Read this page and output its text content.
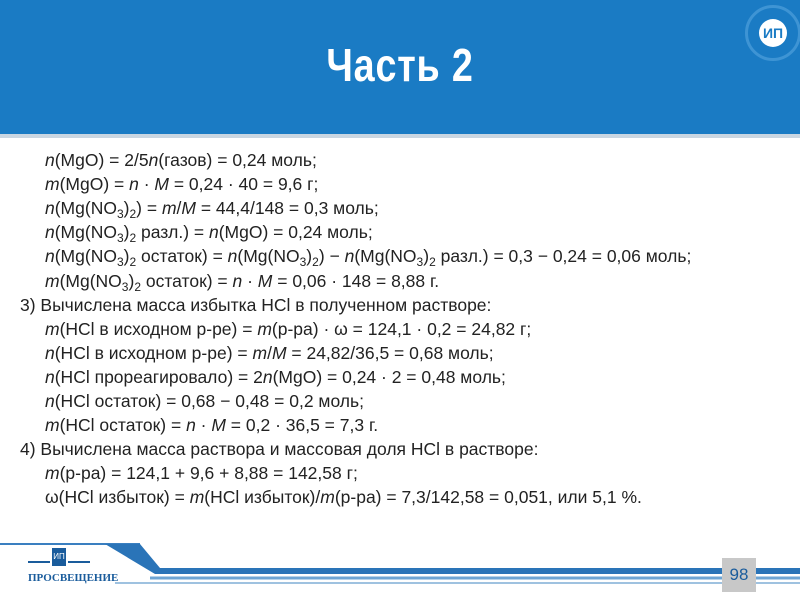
Часть 2
ИП
n(MgO) = 2/5n(газов) = 0,24 моль;
m(MgO) = n · M = 0,24 · 40 = 9,6 г;
$n(Mg(NO_3)_2) = m/M = 44,4/148 = 0,3$ моль;
$n(Mg(NO_3)_2$ разл.) = n(MgO) = 0,24 моль;
$n(Mg(NO_3)_2$ остаток) = $n(Mg(NO_3)_2) - n(Mg(NO_3)_2$ разл.) = 0,3 − 0,24 = 0,06 моль;
$m(Mg(NO_3)_2$ остаток) = n · M = 0,06 · 148 = 8,88 г.
3) Вычислена масса избытка HCl в полученном растворе:
m(HCl в исходном р-ре) = m(р-ра) · ω = 124,1 · 0,2 = 24,82 г;
n(HCl в исходном р-ре) = m/M = 24,82/36,5 = 0,68 моль;
n(HCl прореагировало) = 2n(MgO) = 0,24 · 2 = 0,48 моль;
n(HCl остаток) = 0,68 − 0,48 = 0,2 моль;
m(HCl остаток) = n · M = 0,2 · 36,5 = 7,3 г.
4) Вычислена масса раствора и массовая доля HCl в растворе:
m(р-ра) = 124,1 + 9,6 + 8,88 = 142,58 г;
ω(HCl избыток) = m(HCl избыток)/m(р-ра) = 7,3/142,58 = 0,051, или 5,1 %.
ИП
ПРОСВЕЩЕНИЕ	98
